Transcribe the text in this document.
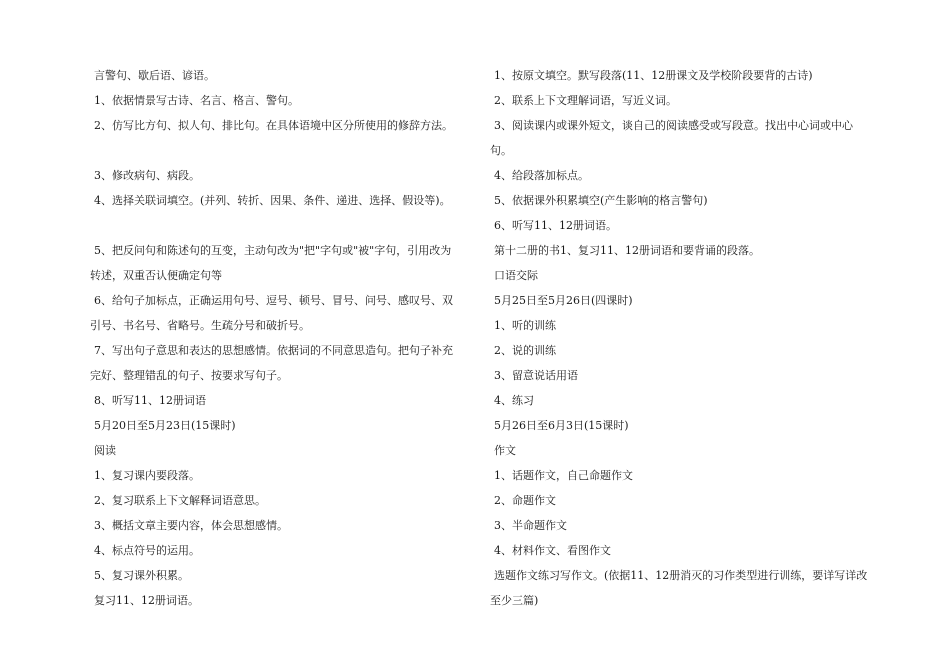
言警句、歇后语、谚语。

1、依据情景写古诗、名言、格言、警句。

2、仿写比方句、拟人句、排比句。在具体语境中区分所使用的修辞方法。

3、修改病句、病段。

4、选择关联词填空。(并列、转折、因果、条件、递进、选择、假设等)。

5、把反问句和陈述句的互变，主动句改为"把"字句或"被"字句，引用改为转述，双重否认便确定句等

6、给句子加标点，正确运用句号、逗号、顿号、冒号、问号、感叹号、双引号、书名号、省略号。生疏分号和破折号。

7、写出句子意思和表达的思想感情。依据词的不同意思造句。把句子补充完好、整理错乱的句子、按要求写句子。

8、听写11、12册词语

5月20日至5月23日(15课时)

阅读

1、复习课内要段落。

2、复习联系上下文解释词语意思。

3、概括文章主要内容，体会思想感情。

4、标点符号的运用。

5、复习课外积累。

复习11、12册词语。

1、按原文填空。默写段落(11、12册课文及学校阶段要背的古诗)

2、联系上下文理解词语，写近义词。

3、阅读课内或课外短文，谈自己的阅读感受或写段意。找出中心词或中心句。

4、给段落加标点。

5、依据课外积累填空(产生影响的格言警句)

6、听写11、12册词语。

第十二册的书1、复习11、12册词语和要背诵的段落。

口语交际

5月25日至5月26日(四课时)

1、听的训练

2、说的训练

3、留意说话用语

4、练习

5月26日至6月3日(15课时)

作文

1、话题作文，自己命题作文

2、命题作文

3、半命题作文

4、材料作文、看图作文

选题作文练习写作文。(依据11、12册消灭的习作类型进行训练，要详写详改至少三篇)
